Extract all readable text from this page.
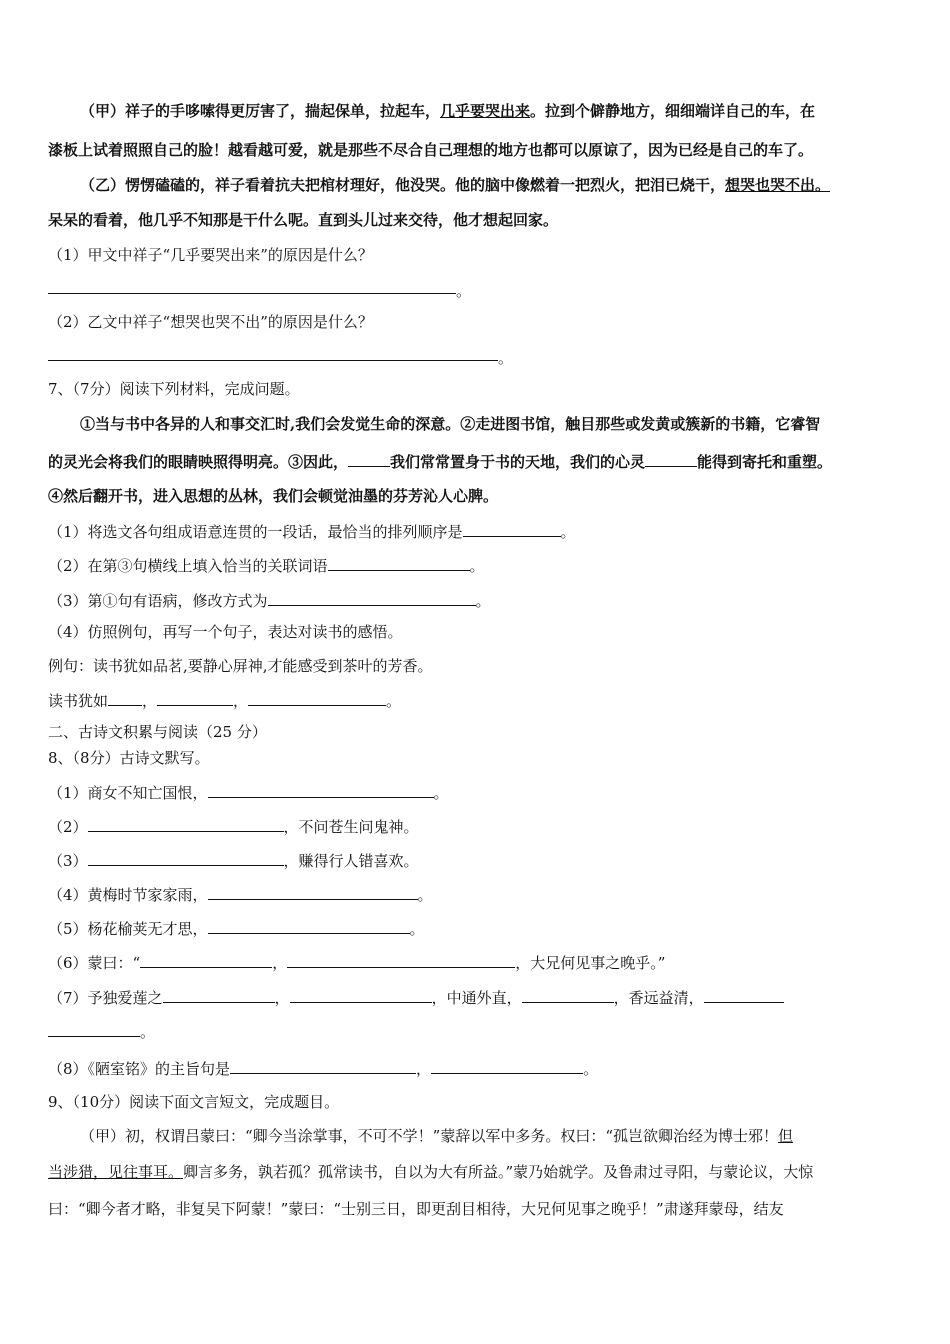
（甲）祥子的手哆嗦得更厉害了，揣起保单，拉起车，几乎要哭出来。拉到个僻静地方，细细端详自己的车，在
漆板上试着照照自己的脸！越看越可爱，就是那些不尽合自己理想的地方也都可以原谅了，因为已经是自己的车了。
（乙）愣愣磕磕的，祥子看着抗夫把棺材理好，他没哭。他的脑中像燃着一把烈火，把泪已烧干，想哭也哭不出。
呆呆的看着，他几乎不知那是干什么呢。直到头儿过来交待，他才想起回家。
（1）甲文中祥子“几乎要哭出来”的原因是什么？
。
（2）乙文中祥子“想哭也哭不出”的原因是什么？
。
7、（7分）阅读下列材料，完成问题。
①当与书中各异的人和事交汇时,我们会发觉生命的深意。②走进图书馆，触目那些或发黄或簇新的书籍，它睿智
的灵光会将我们的眼睛映照得明亮。③因此，	我们常常置身于书的天地，我们的心灵	能得到寄托和重塑。
④然后翻开书，进入思想的丛林，我们会顿觉油墨的芬芳沁人心脾。
（1）将选文各句组成语意连贯的一段话，最恰当的排列顺序是	。
（2）在第③句横线上填入恰当的关联词语	。
（3）第①句有语病，修改方式为	。
（4）仿照例句，再写一个句子，表达对读书的感悟。
例句：读书犹如品茗,要静心屏神,才能感受到茶叶的芳香。
读书犹如 ，	，	。
二、古诗文积累与阅读（25 分）
8、（8分）古诗文默写。
（1）商女不知亡国恨，	。
（2）	，不问苍生问鬼神。
（3）	，赚得行人错喜欢。
（4）黄梅时节家家雨，	。
（5）杨花榆荚无才思，	。
（6）蒙曰：“	，	，大兄何见事之晚乎。”
（7）予独爱莲之	，	，中通外直，	，香远益清，
。
（8）《陋室铭》的主旨句是	，	。
9、（10分）阅读下面文言短文，完成题目。
（甲）初，权谓吕蒙曰：“卿今当涂掌事，不可不学！”蒙辞以军中多务。权曰：“孤岂欲卿治经为博士邪！但
当涉猎，见往事耳。卿言多务，孰若孤？孤常读书，自以为大有所益。”蒙乃始就学。及鲁肃过寻阳，与蒙论议，大惊
曰：“卿今者才略，非复吴下阿蒙！”蒙曰：“士别三日，即更刮目相待，大兄何见事之晚乎！”肃遂拜蒙母，结友
